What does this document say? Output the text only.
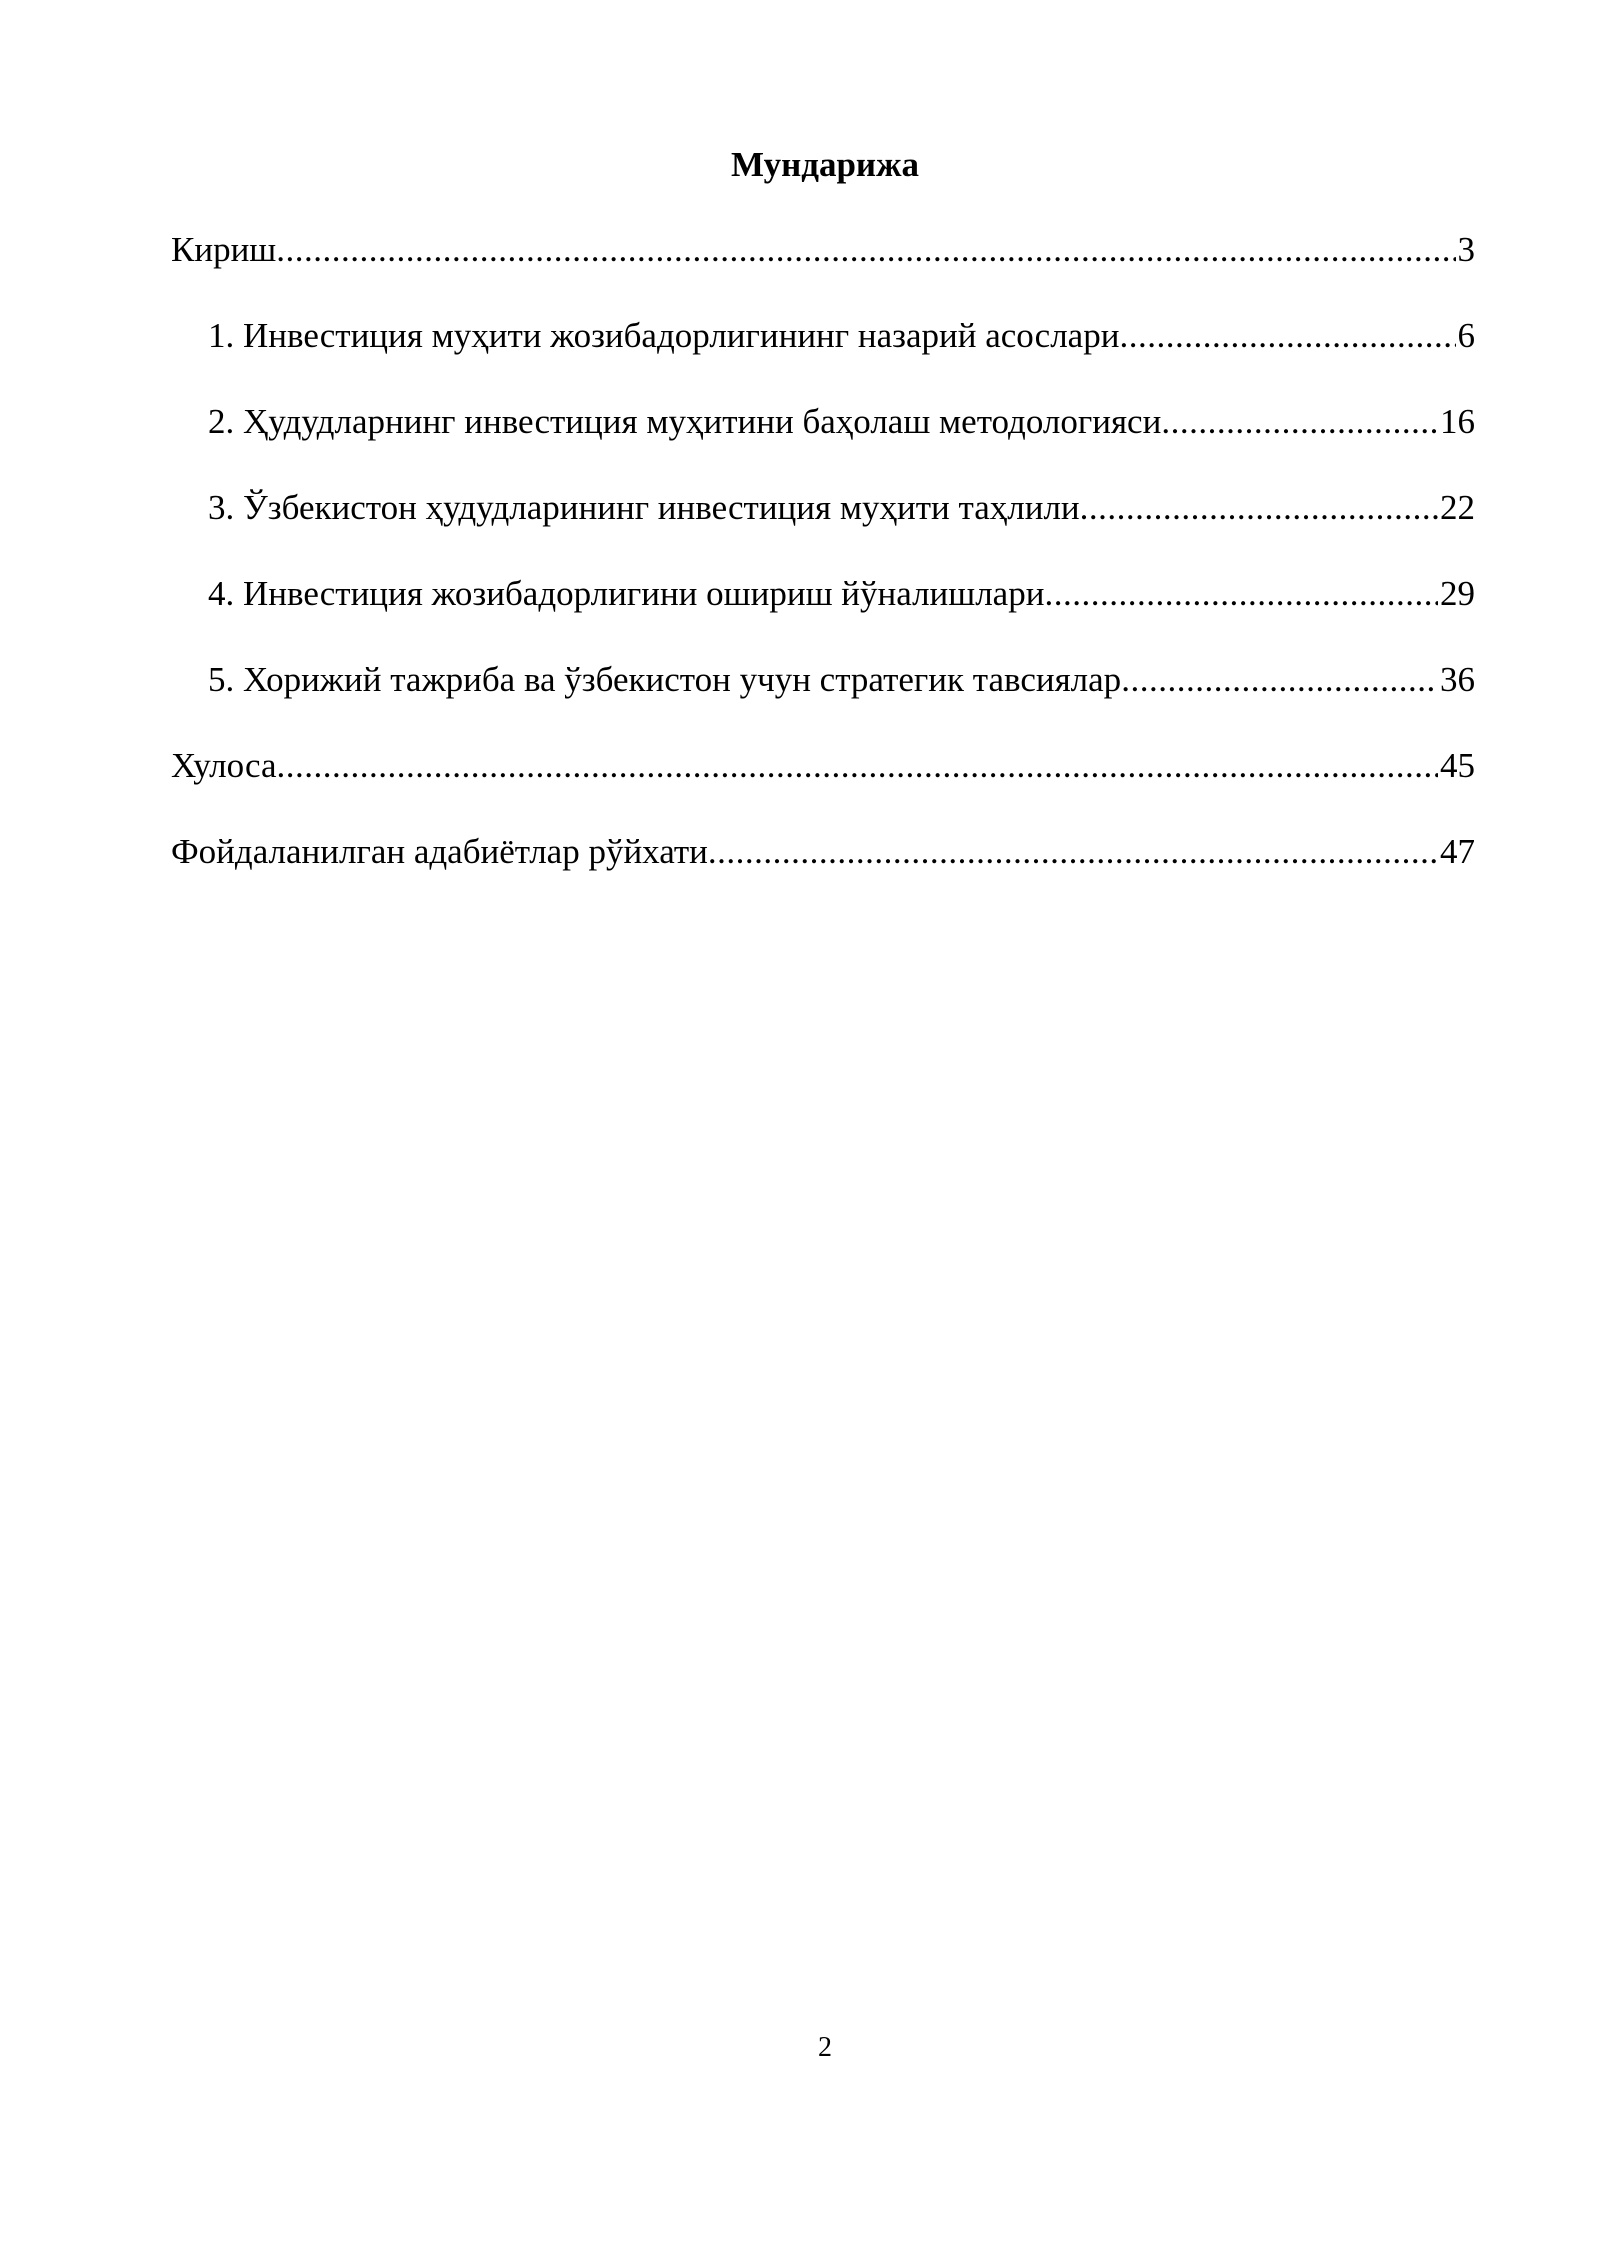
Мундарижа
Кириш .....	3
1. Инвестиция муҳити жозибадорлигининг назарий асослари .....	6
2. Ҳудудларнинг инвестиция муҳитини баҳолаш методологияси .....	16
3. Ўзбекистон ҳудудларининг инвестиция муҳити таҳлили .....	22
4. Инвестиция жозибадорлигини ошириш йўналишлари .....	29
5. Хорижий тажриба ва ўзбекистон учун стратегик тавсиялар .....	36
Хулоса .....	45
Фойдаланилган адабиётлар рўйхати .....	47
2
